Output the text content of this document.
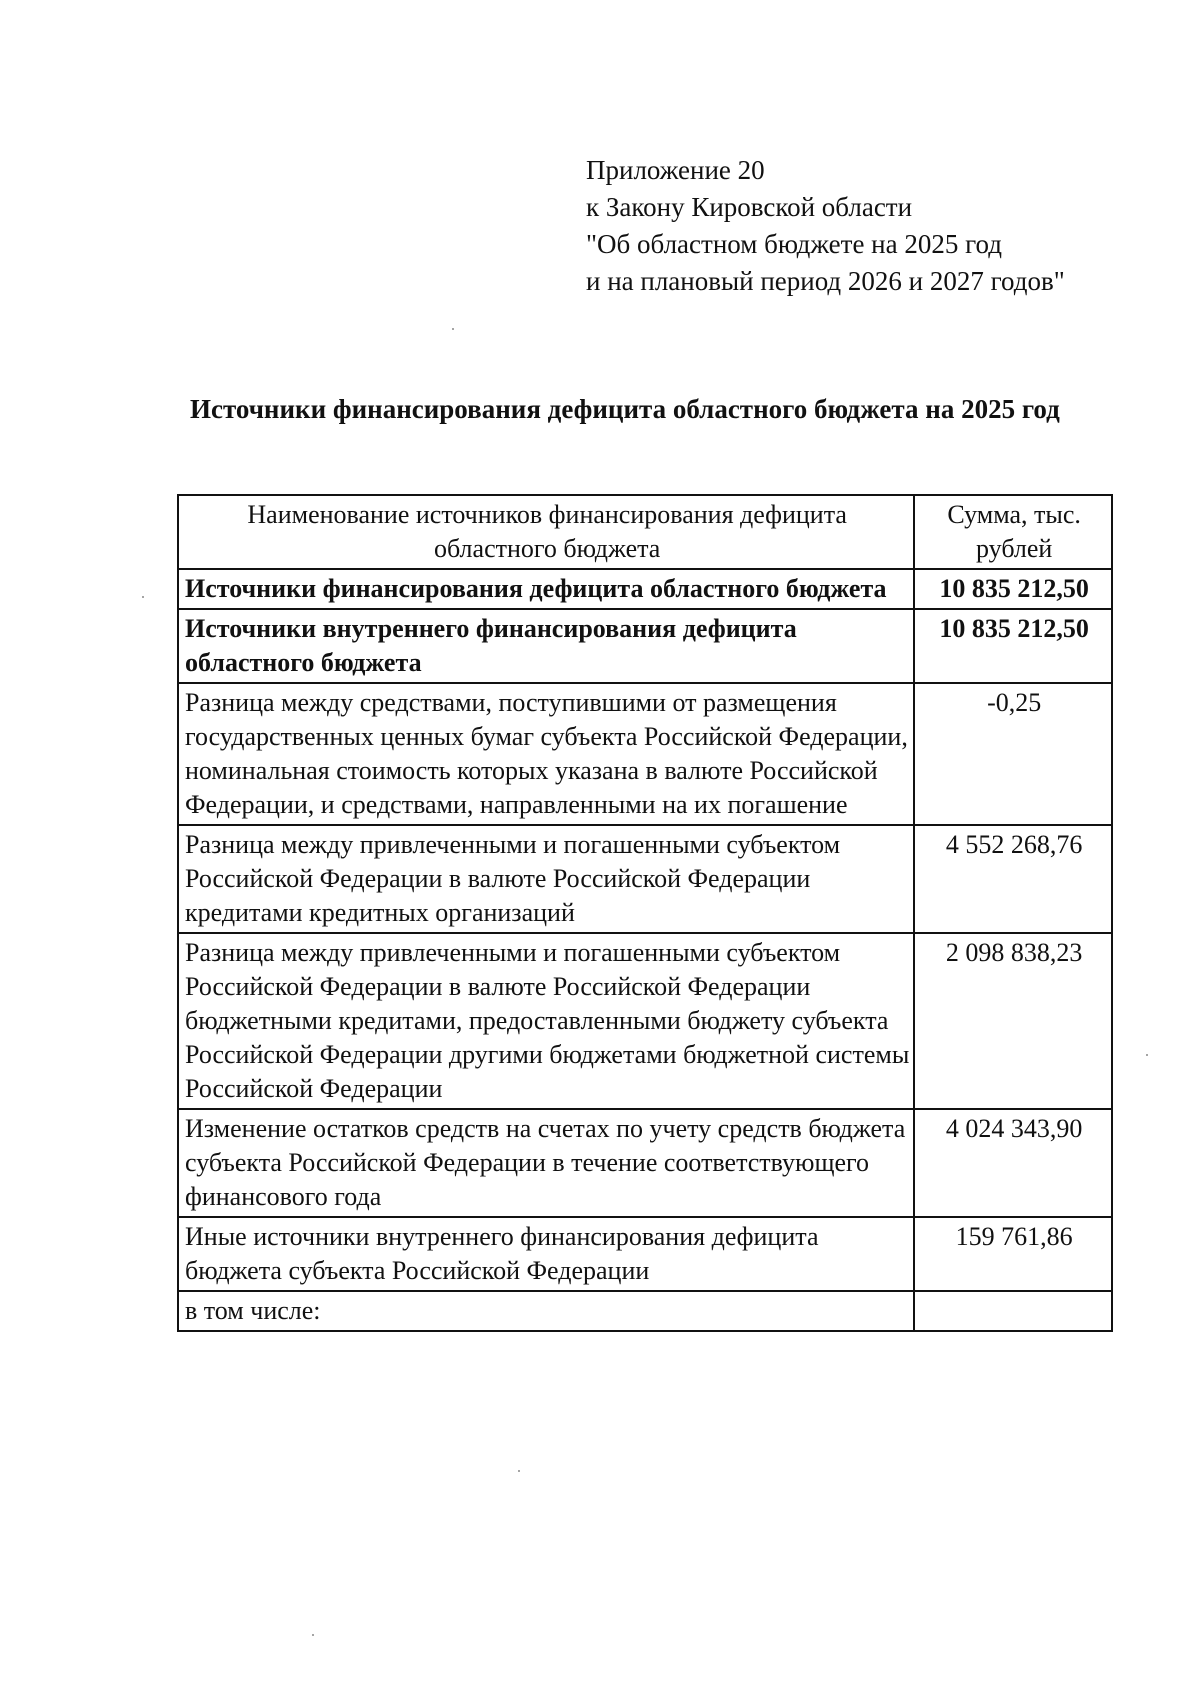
Приложение 20
к Закону Кировской области
"Об областном бюджете на 2025 год
и на плановый период 2026 и 2027 годов"
Источники финансирования дефицита областного бюджета на 2025 год
Наименование источников финансирования дефицита областного бюджета	Сумма, тыс. рублей
Источники финансирования дефицита областного бюджета	10 835 212,50
Источники внутреннего финансирования дефицита областного бюджета	10 835 212,50
Разница между средствами, поступившими от размещения государственных ценных бумаг субъекта Российской Федерации, номинальная стоимость которых указана в валюте Российской Федерации, и средствами, направленными на их погашение	-0,25
Разница между привлеченными и погашенными субъектом Российской Федерации в валюте Российской Федерации кредитами кредитных организаций	4 552 268,76
Разница между привлеченными и погашенными субъектом Российской Федерации в валюте Российской Федерации бюджетными кредитами, предоставленными бюджету субъекта Российской Федерации другими бюджетами бюджетной системы Российской Федерации	2 098 838,23
Изменение остатков средств на счетах по учету средств бюджета субъекта Российской Федерации в течение соответствующего финансового года	4 024 343,90
Иные источники внутреннего финансирования дефицита бюджета субъекта Российской Федерации	159 761,86
в том числе:	
